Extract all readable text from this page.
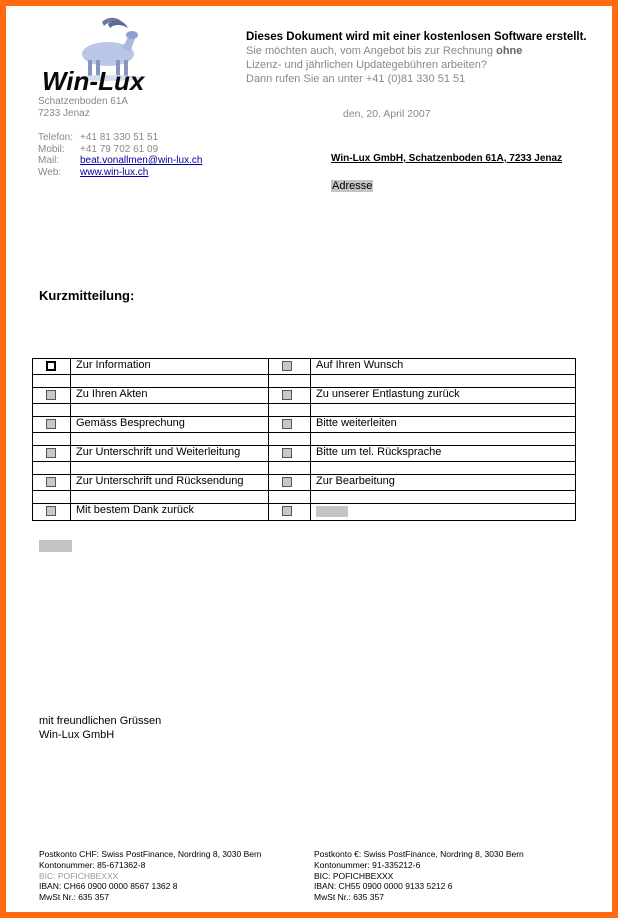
Win-Lux
Dieses Dokument wird mit einer kostenlosen Software erstellt.
Sie möchten auch, vom Angebot bis zur Rechnung ohne
Lizenz- und jährlichen Updategebühren arbeiten?
Dann rufen Sie an unter +41 (0)81 330 51 51
Schatzenboden 61A
7233 Jenaz
Telefon: +41 81 330 51 51
Mobil:	+41 79 702 61 09
Mail:	beat.vonallmen@win-lux.ch
Web:	www.win-lux.ch
den, 20. April 2007
Win-Lux GmbH, Schatzenboden 61A, 7233 Jenaz
Adresse
Kurzmitteilung:
	Zur Information		Auf Ihren Wunsch

	Zu Ihren Akten		Zu unserer Entlastung zurück

	Gemäss Besprechung		Bitte weiterleiten

	Zur Unterschrift und Weiterleitung		Bitte um tel. Rücksprache

	Zur Unterschrift und Rücksendung		Zur Bearbeitung

	Mit bestem Dank zurück		
mit freundlichen Grüssen
Win-Lux GmbH
Postkonto CHF: Swiss PostFinance, Nordring 8, 3030 Bern
Kontonummer: 85-671362-8
BIC: POFICHBEXXX
IBAN: CH66 0900 0000 8567 1362 8
MwSt Nr.: 635 357
Postkonto €: Swiss PostFinance, Nordring 8, 3030 Bern
Kontonummer: 91-335212-6
BIC: POFICHBEXXX
IBAN: CH55 0900 0000 9133 5212 6
MwSt Nr.: 635 357
